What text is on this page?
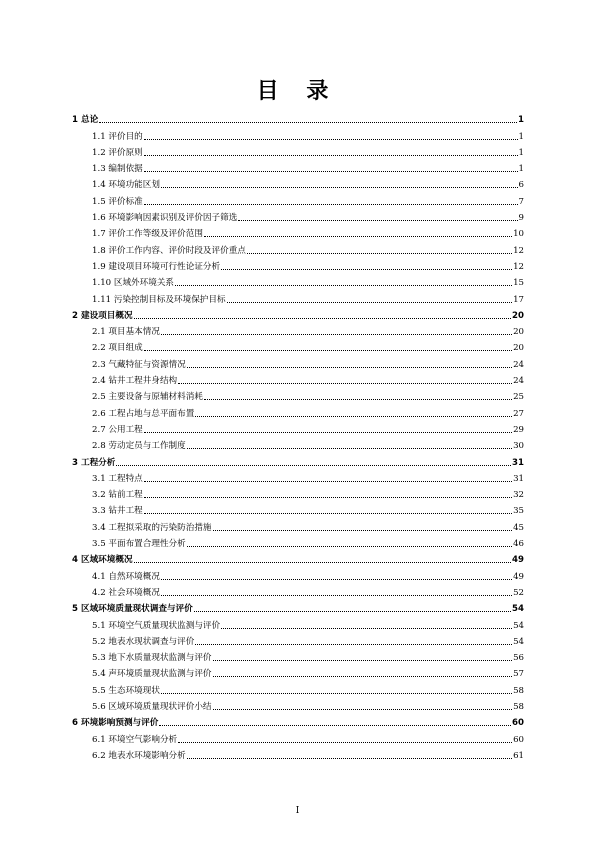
目 录
1 总论	1
1.1 评价目的	1
1.2 评价原则	1
1.3 编制依据	1
1.4 环境功能区划	6
1.5 评价标准	7
1.6 环境影响因素识别及评价因子筛选	9
1.7 评价工作等级及评价范围	10
1.8 评价工作内容、评价时段及评价重点	12
1.9 建设项目环境可行性论证分析	12
1.10 区域外环境关系	15
1.11 污染控制目标及环境保护目标	17
2 建设项目概况	20
2.1 项目基本情况	20
2.2 项目组成	20
2.3 气藏特征与资源情况	24
2.4 钻井工程井身结构	24
2.5 主要设备与原辅材料消耗	25
2.6 工程占地与总平面布置	27
2.7 公用工程	29
2.8 劳动定员与工作制度	30
3 工程分析	31
3.1 工程特点	31
3.2 钻前工程	32
3.3 钻井工程	35
3.4 工程拟采取的污染防治措施	45
3.5 平面布置合理性分析	46
4 区域环境概况	49
4.1 自然环境概况	49
4.2 社会环境概况	52
5 区域环境质量现状调查与评价	54
5.1 环境空气质量现状监测与评价	54
5.2 地表水现状调查与评价	54
5.3 地下水质量现状监测与评价	56
5.4 声环境质量现状监测与评价	57
5.5 生态环境现状	58
5.6 区域环境质量现状评价小结	58
6 环境影响预测与评价	60
6.1 环境空气影响分析	60
6.2 地表水环境影响分析	61
I
